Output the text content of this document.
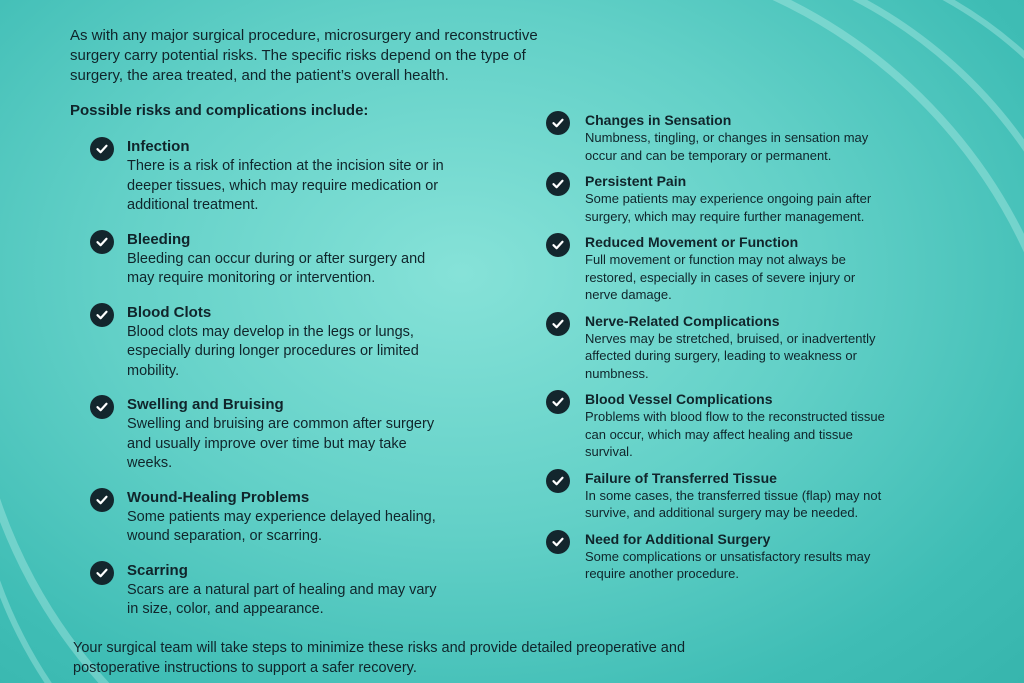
As with any major surgical procedure, microsurgery and reconstructive surgery carry potential risks. The specific risks depend on the type of surgery, the area treated, and the patient’s overall health.

Possible risks and complications include:

Infection
There is a risk of infection at the incision site or in deeper tissues, which may require medication or additional treatment.
Bleeding
Bleeding can occur during or after surgery and may require monitoring or intervention.
Blood Clots
Blood clots may develop in the legs or lungs, especially during longer procedures or limited mobility.
Swelling and Bruising
Swelling and bruising are common after surgery and usually improve over time but may take weeks.
Wound-Healing Problems
Some patients may experience delayed healing, wound separation, or scarring.
Scarring
Scars are a natural part of healing and may vary in size, color, and appearance.
Changes in Sensation
Numbness, tingling, or changes in sensation may occur and can be temporary or permanent.
Persistent Pain
Some patients may experience ongoing pain after surgery, which may require further management.
Reduced Movement or Function
Full movement or function may not always be restored, especially in cases of severe injury or nerve damage.
Nerve-Related Complications
Nerves may be stretched, bruised, or inadvertently affected during surgery, leading to weakness or numbness.
Blood Vessel Complications
Problems with blood flow to the reconstructed tissue can occur, which may affect healing and tissue survival.
Failure of Transferred Tissue
In some cases, the transferred tissue (flap) may not survive, and additional surgery may be needed.
Need for Additional Surgery
Some complications or unsatisfactory results may require another procedure.

Your surgical team will take steps to minimize these risks and provide detailed preoperative and postoperative instructions to support a safer recovery.
